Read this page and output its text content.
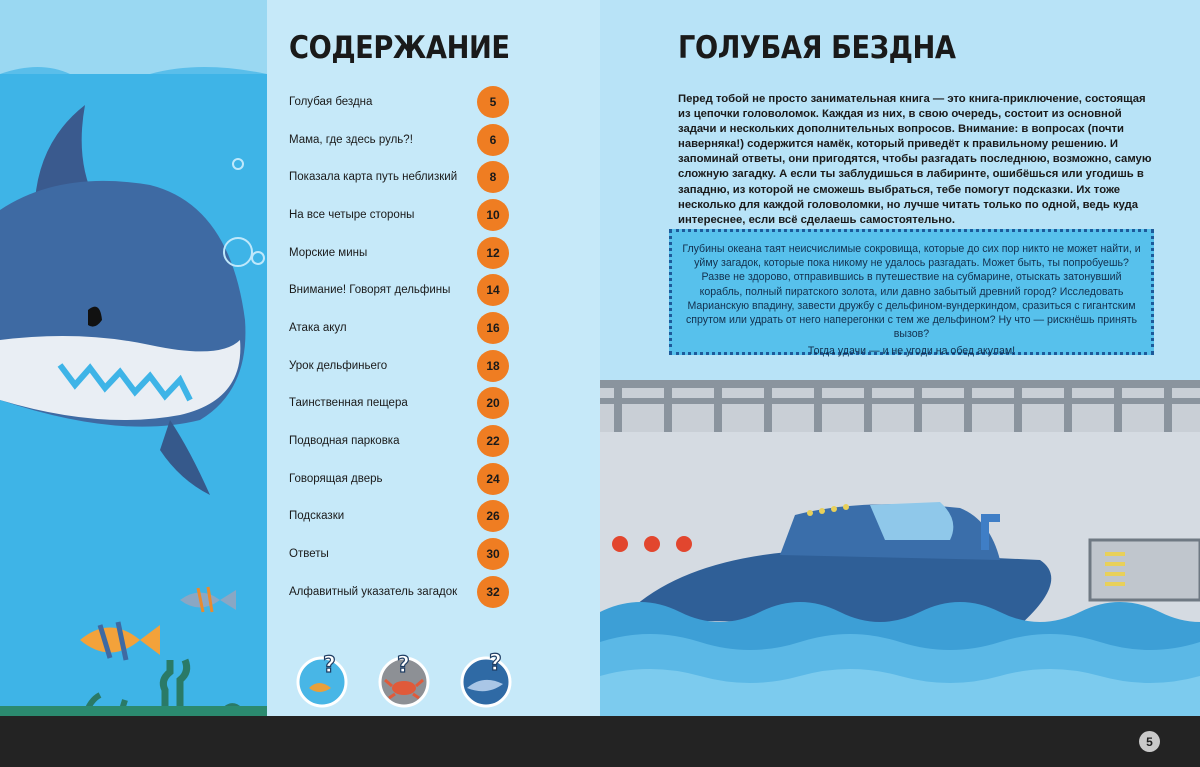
СОДЕРЖАНИЕ
Голубая бездна	5
Мама, где здесь руль?!	6
Показала карта путь неблизкий	8
На все четыре стороны	10
Морские мины	12
Внимание! Говорят дельфины	14
Атака акул	16
Урок дельфиньего	18
Таинственная пещера	20
Подводная парковка	22
Говорящая дверь	24
Подсказки	26
Ответы	30
Алфавитный указатель загадок	32
?	?	?
ГОЛУБАЯ БЕЗДНА

Перед тобой не просто занимательная книга — это книга-приключение, состоящая из цепочки головоломок. Каждая из них, в свою очередь, состоит из основной задачи и нескольких дополнительных вопросов. Внимание: в вопросах (почти наверняка!) содержится намёк, который приведёт к правильному решению. И запоминай ответы, они пригодятся, чтобы разгадать последнюю, возможно, самую сложную загадку. А если ты заблудишься в лабиринте, ошибёшься или угодишь в западню, из которой не сможешь выбраться, тебе помогут подсказки. Их тоже несколько для каждой головоломки, но лучше читать только по одной, ведь куда интереснее, если всё сделаешь самостоятельно.

Глубины океана таят неисчислимые сокровища, которые до сих пор никто не может найти, и уйму загадок, которые пока никому не удалось разгадать. Может быть, ты попробуешь? Разве не здорово, отправившись в путешествие на субмарине, отыскать затонувший корабль, полный пиратского золота, или давно забытый древний город? Исследовать Марианскую впадину, завести дружбу с дельфином-вундеркиндом, сразиться с гигантским спрутом или удрать от него наперегонки с тем же дельфином? Ну что — рискнёшь принять вызов?

Тогда удачи — и не угоди на обед акулам!

5
